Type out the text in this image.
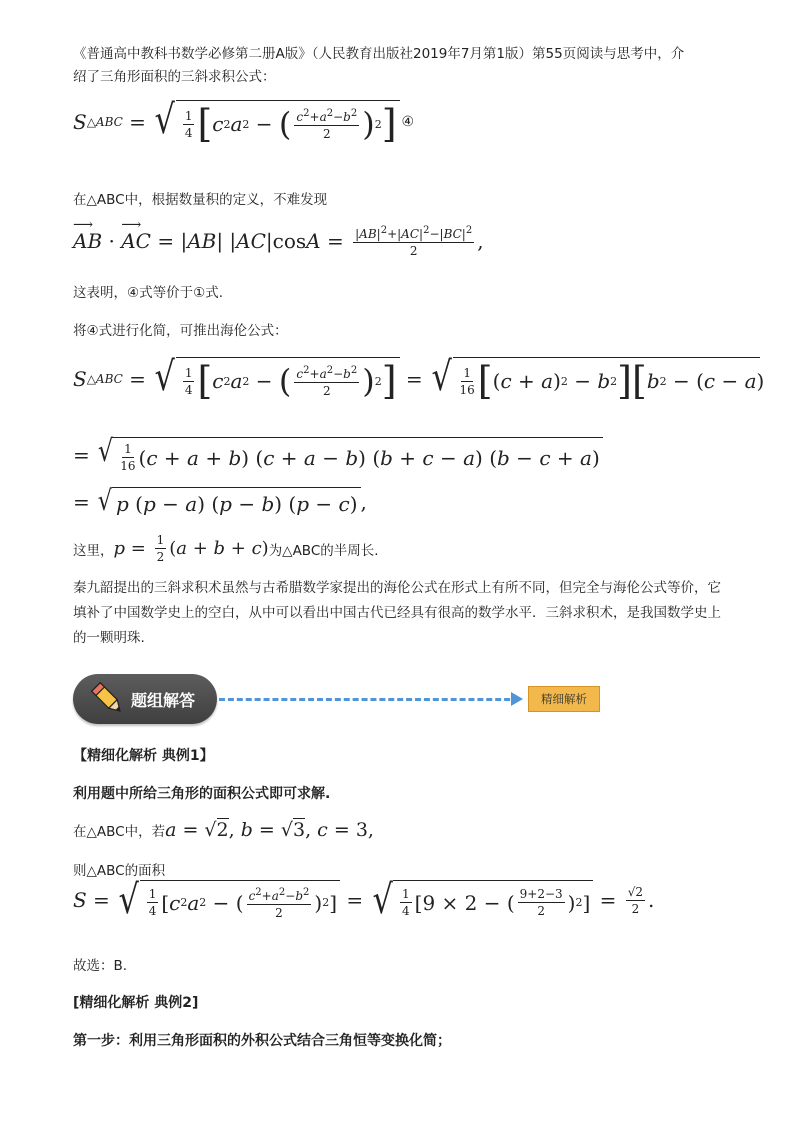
《普通高中教科书数学必修第二册A版》（人民教育出版社2019年7月第1版）第55页阅读与思考中，介
绍了三角形面积的三斜求积公式：
S △ABC = √ $\frac{1}{4}$ [ c 2 a 2 − ( $\frac{c^2+a^2-b^2}{2}$ ) 2 ] ④
在△ABC中，根据数量积的定义，不难发现
⟶
AB ·
⟶
AC = | AB | | AC |cos $A = \frac{|AB|^2+|AC|^2-|BC|^2}{2}$ ,
这表明，④式等价于①式.
将④式进行化简，可推出海伦公式：
S △ABC = √ $\frac{1}{4}$ [ c 2 a 2 − ( $\frac{c^2+a^2-b^2}{2}$ ) 2 ] = √ $\frac{1}{16}$ [ ( c + a ) 2 − b 2 ] [ b 2 − ( c − a )
= √ $\frac{1}{16}$ ( c + a + b ) ( c + a − b ) ( b + c − a ) ( b − c + a )
= √ p ( p − a ) ( p − b ) ( p − c ) ,
这里， $p = \frac{1}{2}$ ( a + b + c ) 为△ABC的半周长.
秦九韶提出的三斜求积术虽然与古希腊数学家提出的海伦公式在形式上有所不同，但完全与海伦公式等价，它填补了中国数学史上的空白，从中可以看出中国古代已经具有很高的数学水平．三斜求积术，是我国数学史上的一颗明珠.
题组解答	精细解析
【精细化解析 典例1】
利用题中所给三角形的面积公式即可求解.
在△ABC中，若 a = √ 2 , b = √ 3 , c = 3,
则△ABC的面积
S = √ $\frac{1}{4}$ [ c 2 a 2 − ( $\frac{c^2+a^2-b^2}{2}$ ) 2 ] = √ $\frac{1}{4} [9 \times 2$ − ( $\frac{9+2-3}{2}$ ) 2 ] = $\frac{√2}{2}$ .
故选：B.
[精细化解析 典例2]
第一步：利用三角形面积的外积公式结合三角恒等变换化简；
